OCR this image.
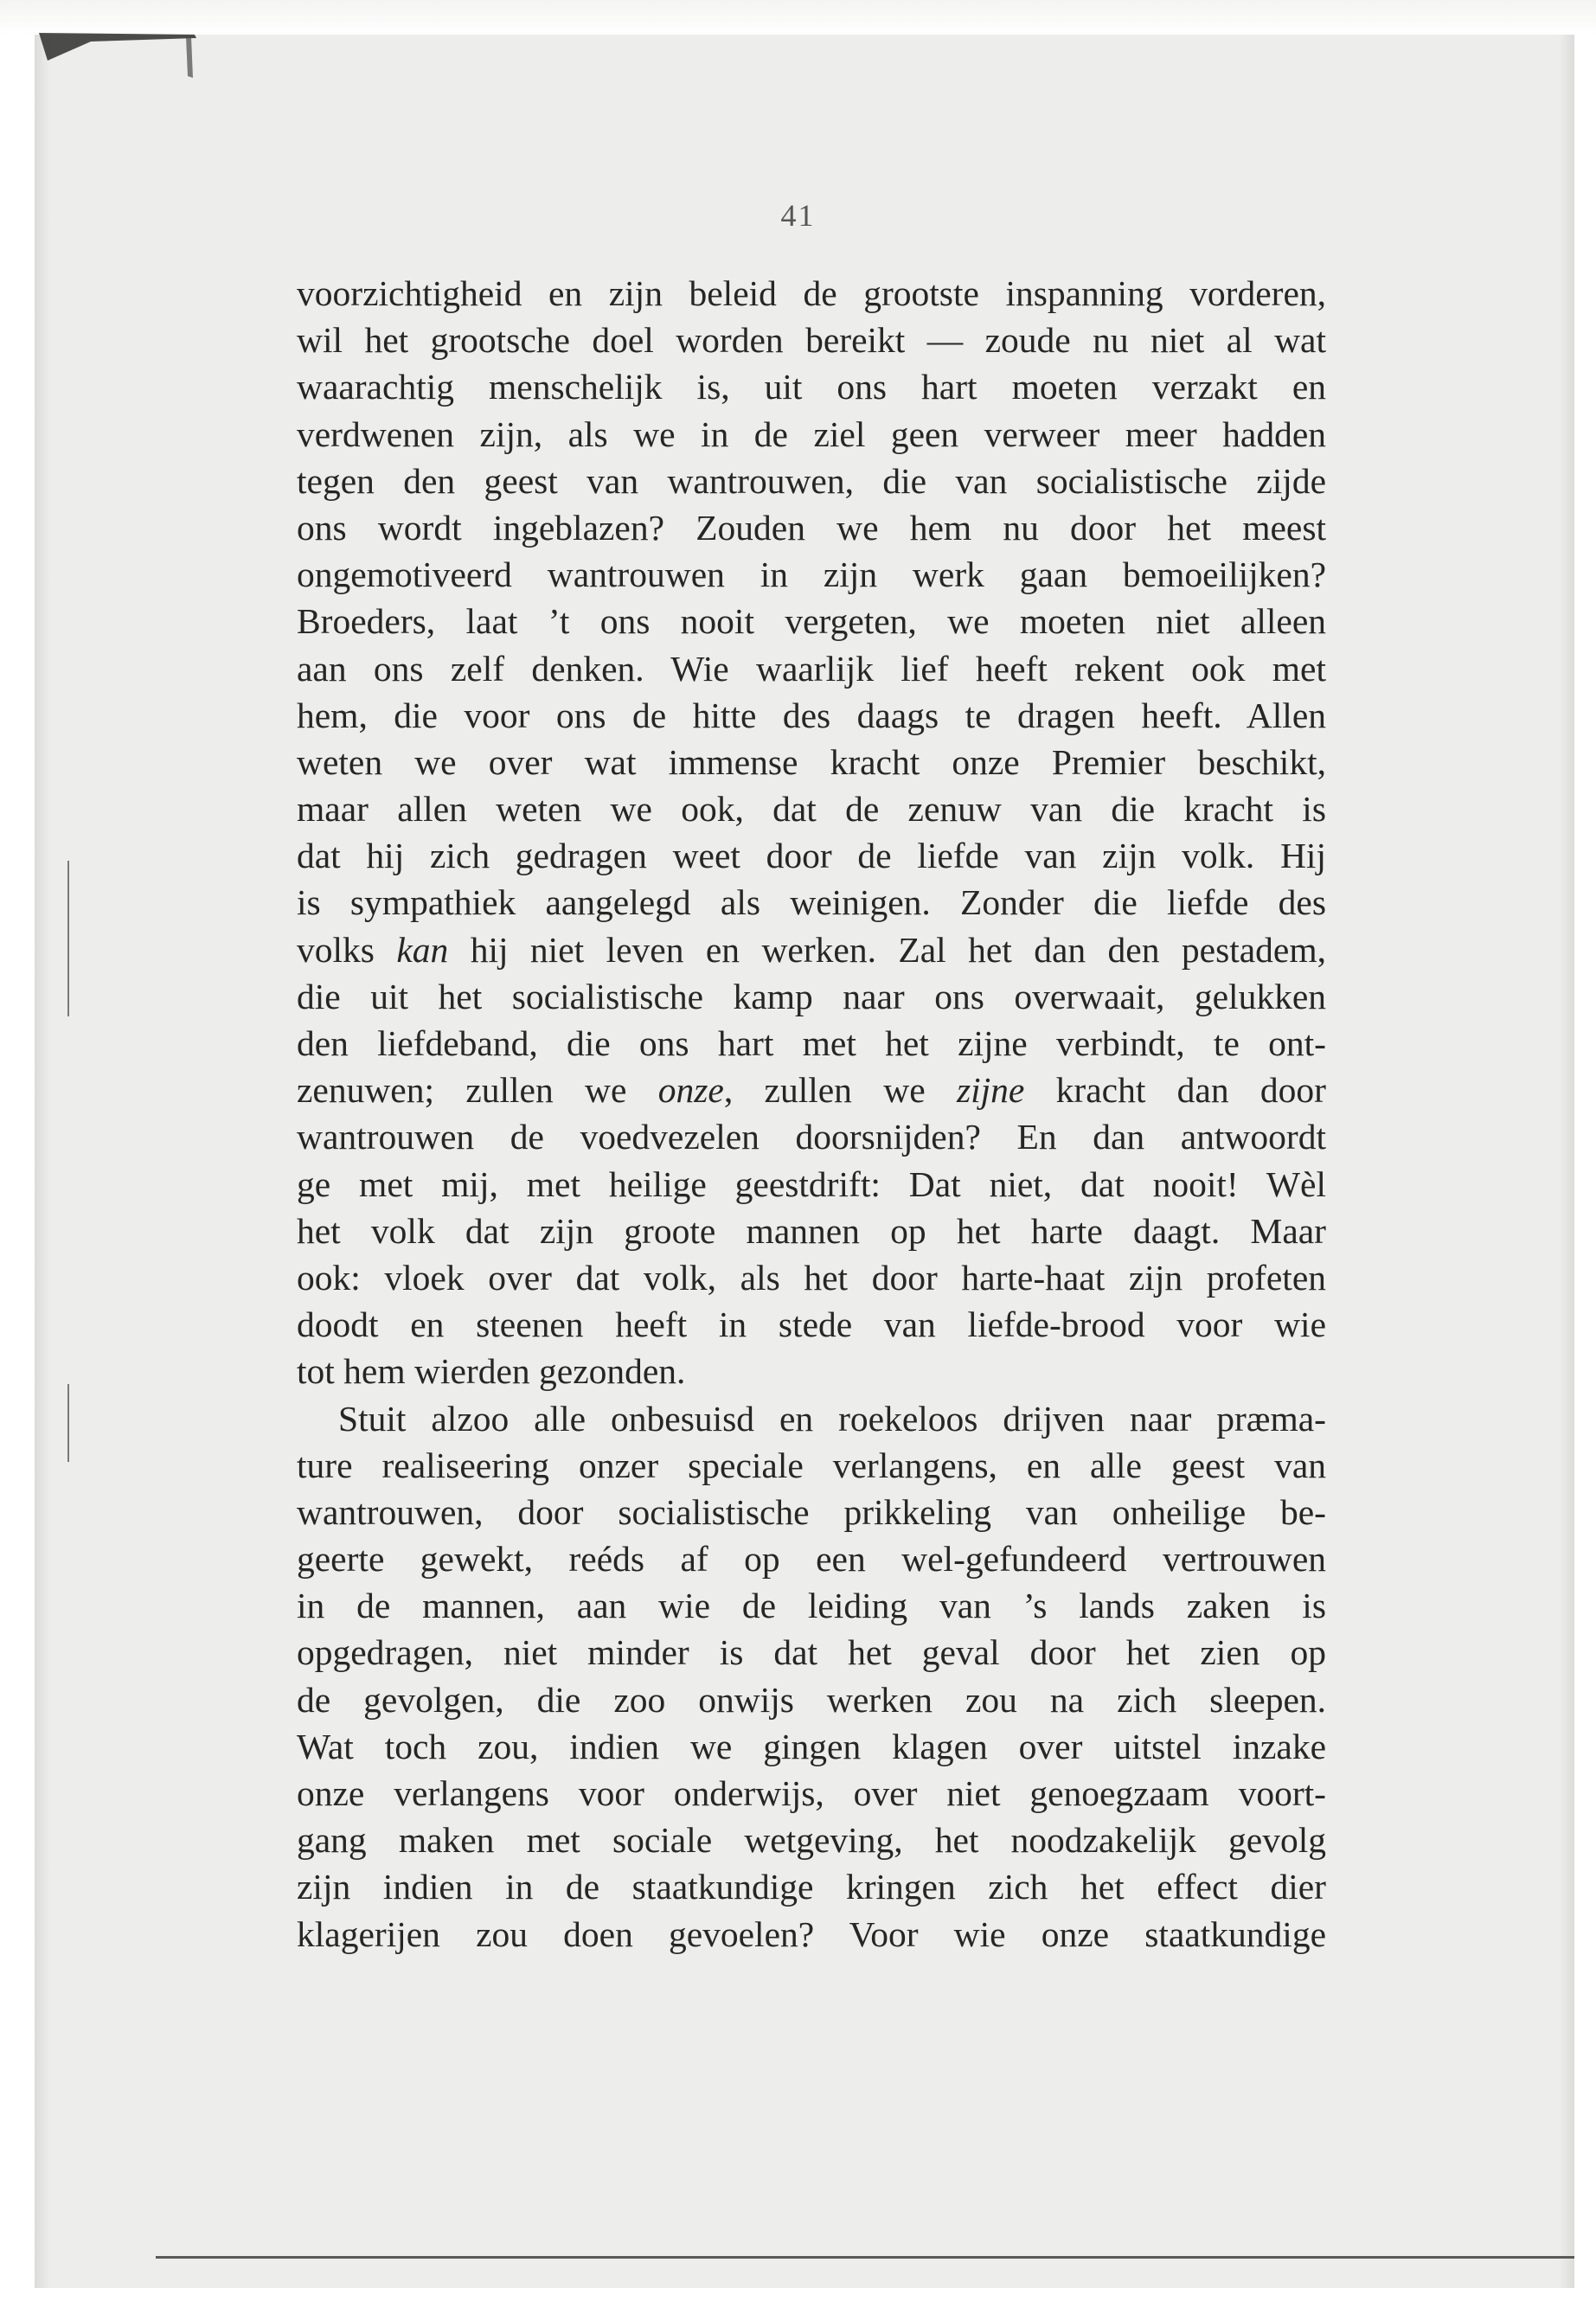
41
voorzichtigheid en zijn beleid de grootste inspanning vorderen,
wil het grootsche doel worden bereikt — zoude nu niet al wat
waarachtig menschelijk is, uit ons hart moeten verzakt en
verdwenen zijn, als we in de ziel geen verweer meer hadden
tegen den geest van wantrouwen, die van socialistische zijde
ons wordt ingeblazen? Zouden we hem nu door het meest
ongemotiveerd wantrouwen in zijn werk gaan bemoeilijken?
Broeders, laat ’t ons nooit vergeten, we moeten niet alleen
aan ons zelf denken. Wie waarlijk lief heeft rekent ook met
hem, die voor ons de hitte des daags te dragen heeft. Allen
weten we over wat immense kracht onze Premier beschikt,
maar allen weten we ook, dat de zenuw van die kracht is
dat hij zich gedragen weet door de liefde van zijn volk. Hij
is sympathiek aangelegd als weinigen. Zonder die liefde des
volks kan hij niet leven en werken. Zal het dan den pestadem,
die uit het socialistische kamp naar ons overwaait, gelukken
den liefdeband, die ons hart met het zijne verbindt, te ont-
zenuwen; zullen we onze, zullen we zijne kracht dan door
wantrouwen de voedvezelen doorsnijden? En dan antwoordt
ge met mij, met heilige geestdrift: Dat niet, dat nooit! Wèl
het volk dat zijn groote mannen op het harte daagt. Maar
ook: vloek over dat volk, als het door harte-haat zijn profeten
doodt en steenen heeft in stede van liefde-brood voor wie
tot hem wierden gezonden.
Stuit alzoo alle onbesuisd en roekeloos drijven naar præma-
ture realiseering onzer speciale verlangens, en alle geest van
wantrouwen, door socialistische prikkeling van onheilige be-
geerte gewekt, reéds af op een wel-gefundeerd vertrouwen
in de mannen, aan wie de leiding van ’s lands zaken is
opgedragen, niet minder is dat het geval door het zien op
de gevolgen, die zoo onwijs werken zou na zich sleepen.
Wat toch zou, indien we gingen klagen over uitstel inzake
onze verlangens voor onderwijs, over niet genoegzaam voort-
gang maken met sociale wetgeving, het noodzakelijk gevolg
zijn indien in de staatkundige kringen zich het effect dier
klagerijen zou doen gevoelen? Voor wie onze staatkundige
